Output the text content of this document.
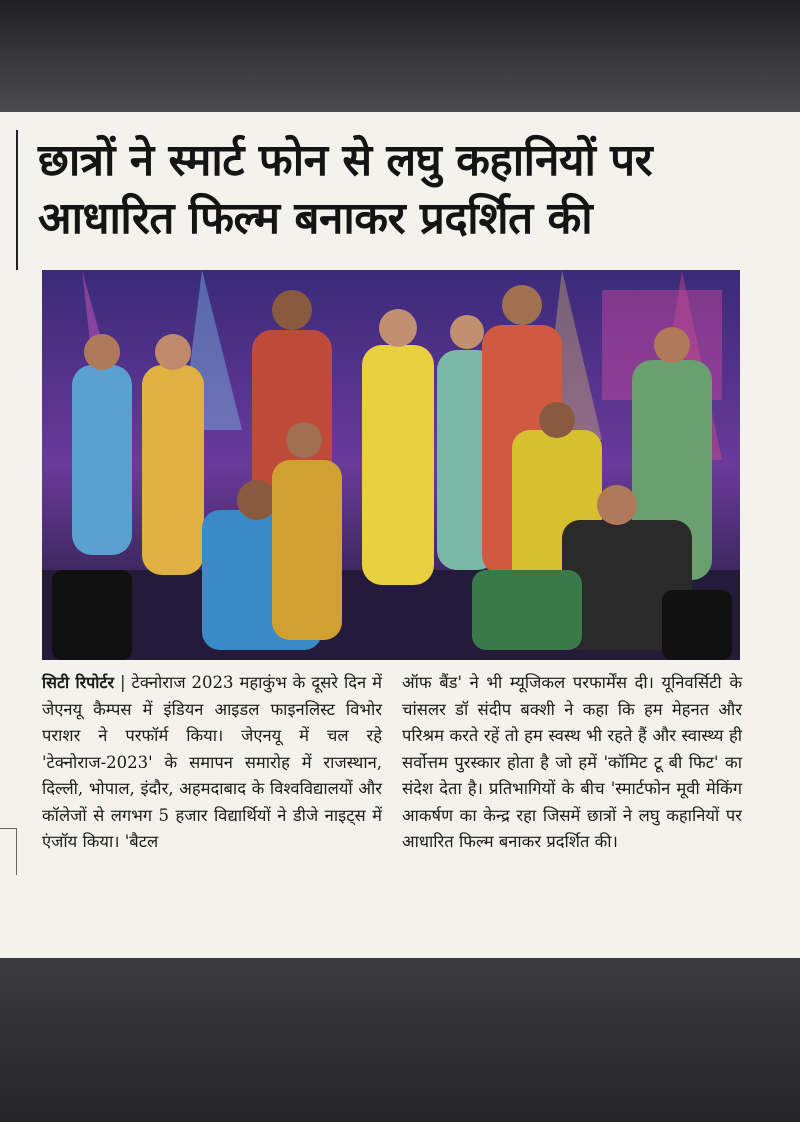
छात्रों ने स्मार्ट फोन से लघु कहानियों पर
आधारित फिल्म बनाकर प्रदर्शित की

सिटी रिपोर्टर | टेक्नोराज 2023 महाकुंभ के दूसरे दिन में जेएनयू कैम्पस में इंडियन आइडल फाइनलिस्ट विभोर पराशर ने परफॉर्म किया। जेएनयू में चल रहे 'टेक्नोराज-2023' के समापन समारोह में राजस्थान, दिल्ली, भोपाल, इंदौर, अहमदाबाद के विश्वविद्यालयों और कॉलेजों से लगभग 5 हजार विद्यार्थियों ने डीजे नाइट्स में एंजॉय किया। 'बैटल

ऑफ बैंड' ने भी म्यूजिकल परफार्मेंस दी। यूनिवर्सिटी के चांसलर डॉ संदीप बक्शी ने कहा कि हम मेहनत और परिश्रम करते रहें तो हम स्वस्थ भी रहते हैं और स्वास्थ्य ही सर्वोत्तम पुरस्कार होता है जो हमें 'कॉमिट टू बी फिट' का संदेश देता है। प्रतिभागियों के बीच 'स्मार्टफोन मूवी मेकिंग आकर्षण का केन्द्र रहा जिसमें छात्रों ने लघु कहानियों पर आधारित फिल्म बनाकर प्रदर्शित की।
